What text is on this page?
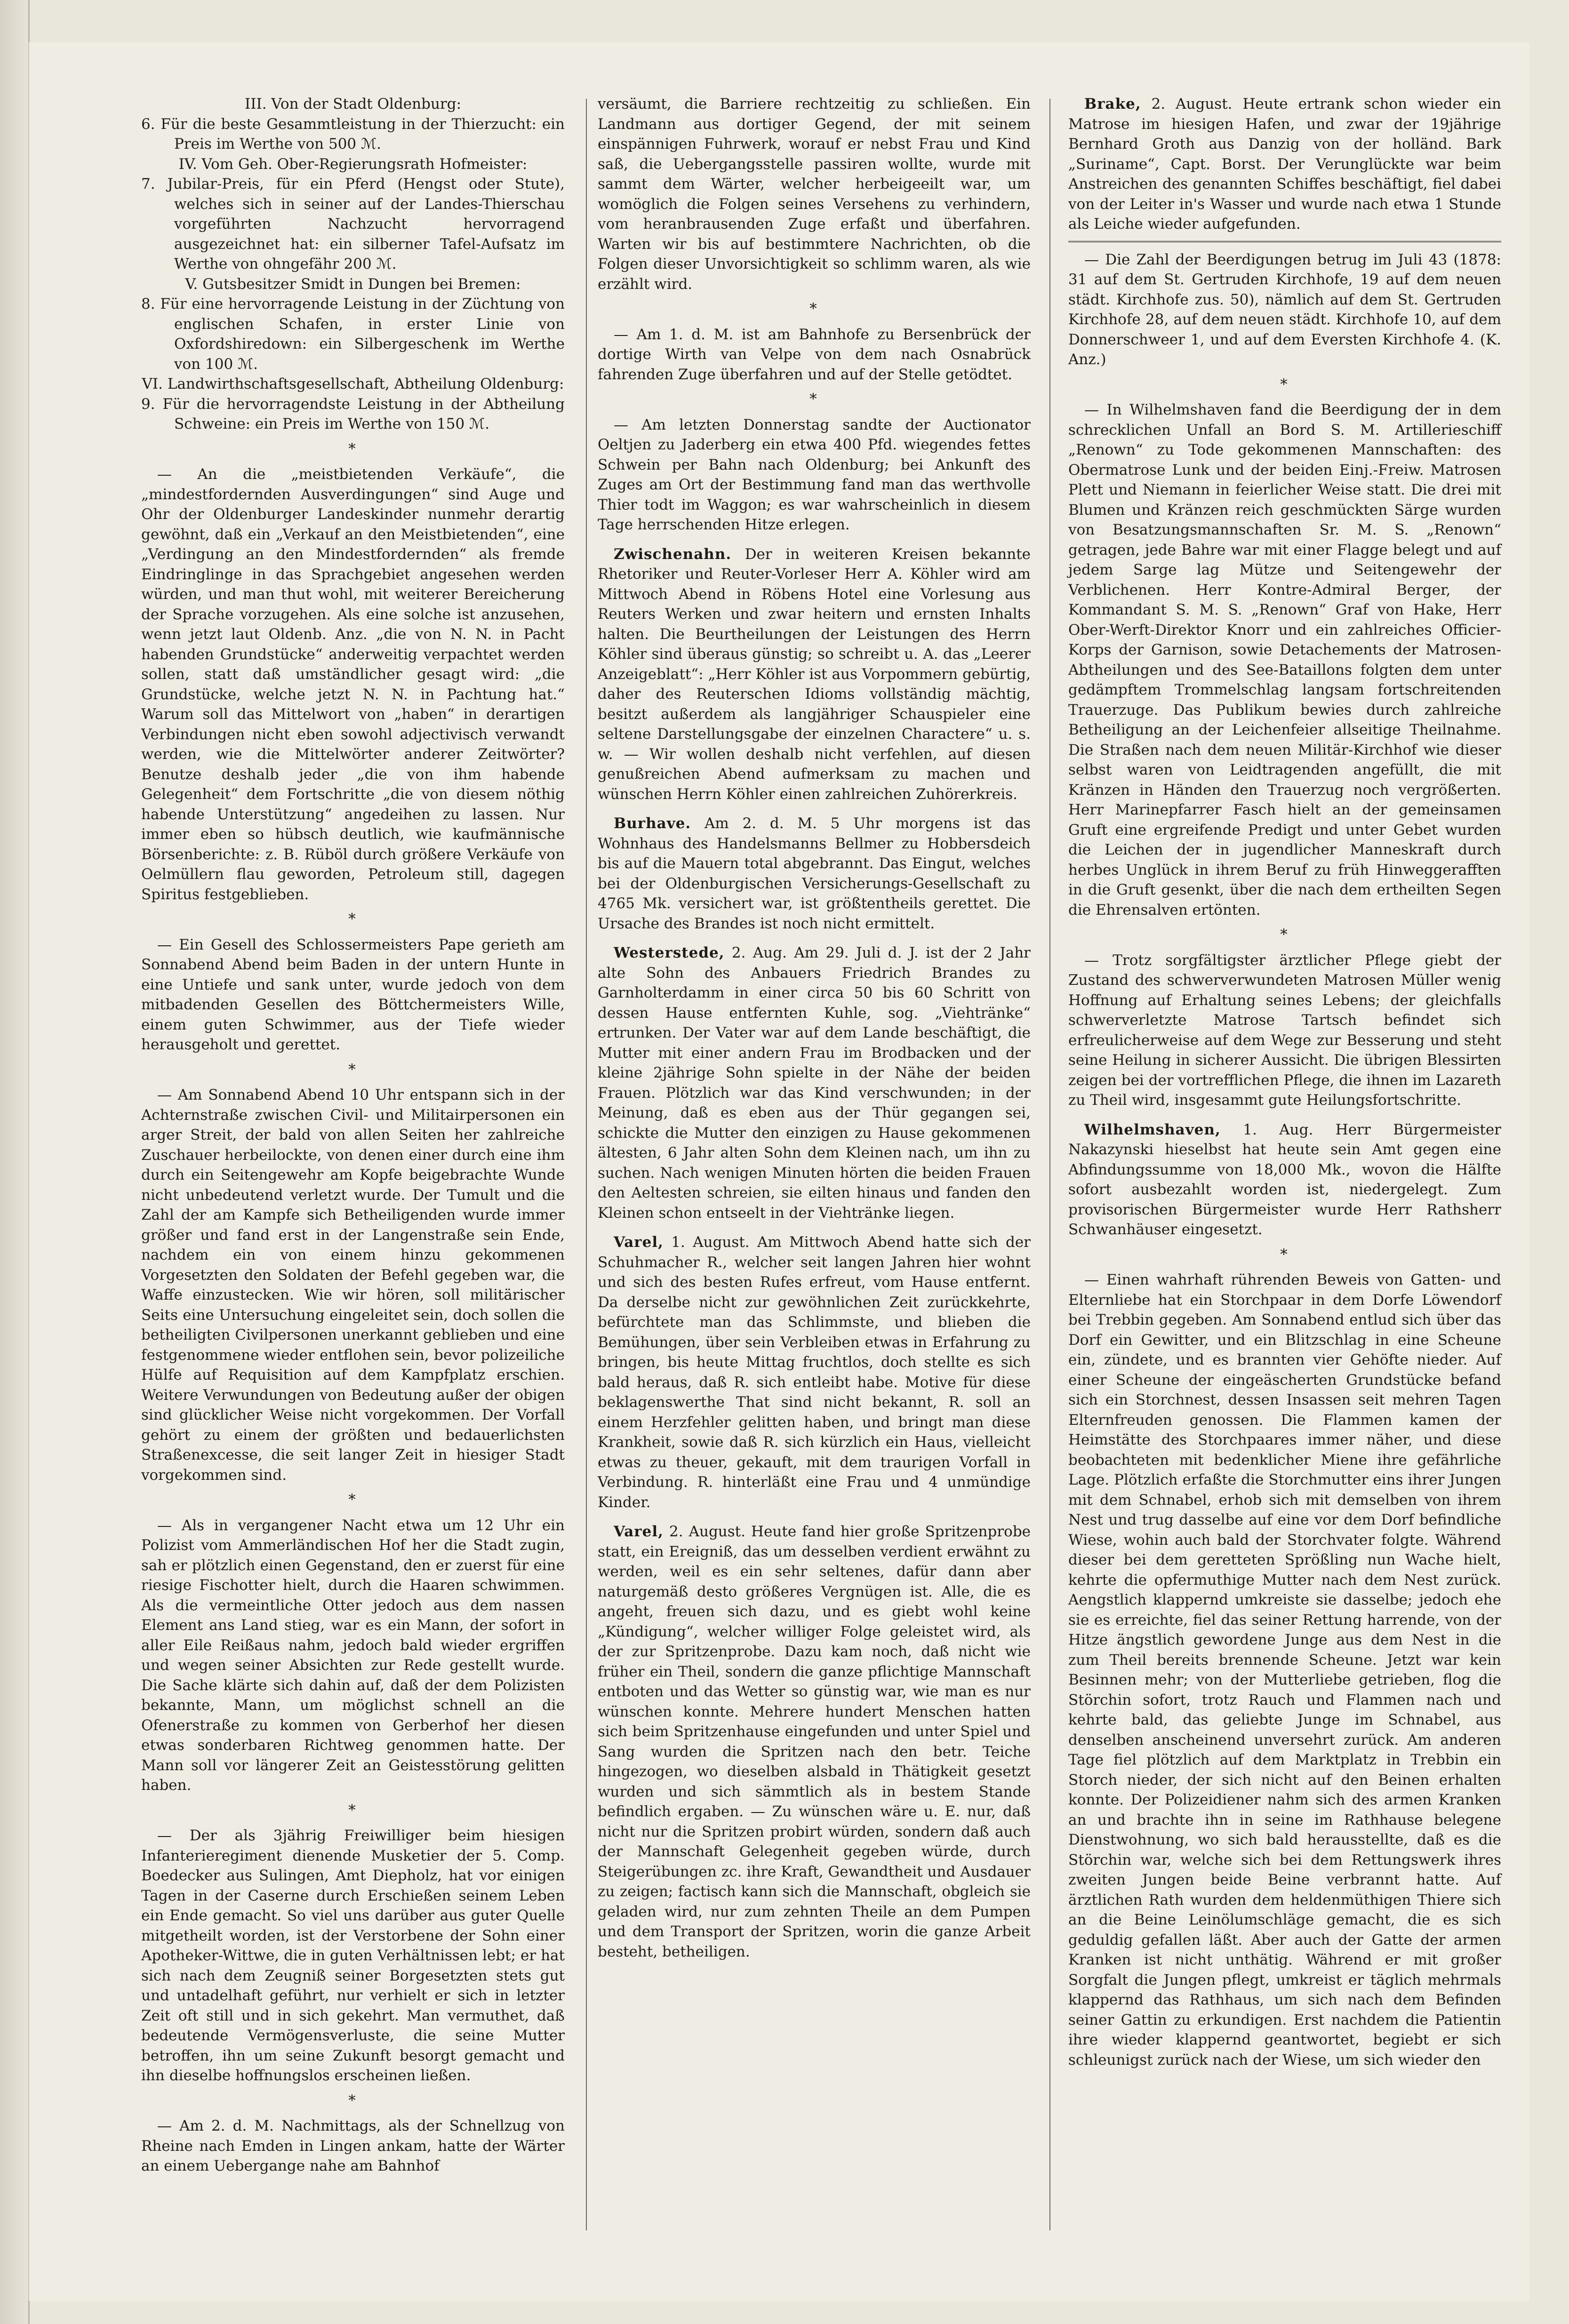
III. Von der Stadt Oldenburg:

6. Für die beste Gesammtleistung in der Thierzucht: ein Preis im Werthe von 500 ℳ.

IV. Vom Geh. Ober-Regierungsrath Hofmeister:

7. Jubilar-Preis, für ein Pferd (Hengst oder Stute), welches sich in seiner auf der Landes-Thierschau vorgeführten Nachzucht hervorragend ausgezeichnet hat: ein silberner Tafel-Aufsatz im Werthe von ohngefähr 200 ℳ.

V. Gutsbesitzer Smidt in Dungen bei Bremen:

8. Für eine hervorragende Leistung in der Züchtung von englischen Schafen, in erster Linie von Oxfordshiredown: ein Silbergeschenk im Werthe von 100 ℳ.

VI. Landwirthschaftsgesellschaft, Abtheilung Oldenburg:

9. Für die hervorragendste Leistung in der Abtheilung Schweine: ein Preis im Werthe von 150 ℳ.

*

— An die „meistbietenden Verkäufe“, die „mindestfordernden Ausverdingungen“ sind Auge und Ohr der Oldenburger Landeskinder nunmehr derartig gewöhnt, daß ein „Verkauf an den Meistbietenden“, eine „Verdingung an den Mindestfordernden“ als fremde Eindringlinge in das Sprachgebiet angesehen werden würden, und man thut wohl, mit weiterer Bereicherung der Sprache vorzugehen. Als eine solche ist anzusehen, wenn jetzt laut Oldenb. Anz. „die von N. N. in Pacht habenden Grundstücke“ anderweitig verpachtet werden sollen, statt daß umständlicher gesagt wird: „die Grundstücke, welche jetzt N. N. in Pachtung hat.“ Warum soll das Mittelwort von „haben“ in derartigen Verbindungen nicht eben sowohl adjectivisch verwandt werden, wie die Mittelwörter anderer Zeitwörter? Benutze deshalb jeder „die von ihm habende Gelegenheit“ dem Fortschritte „die von diesem nöthig habende Unterstützung“ angedeihen zu lassen. Nur immer eben so hübsch deutlich, wie kaufmännische Börsenberichte: z. B. Rüböl durch größere Verkäufe von Oelmüllern flau geworden, Petroleum still, dagegen Spiritus festgeblieben.

*

— Ein Gesell des Schlossermeisters Pape gerieth am Sonnabend Abend beim Baden in der untern Hunte in eine Untiefe und sank unter, wurde jedoch von dem mitbadenden Gesellen des Böttchermeisters Wille, einem guten Schwimmer, aus der Tiefe wieder herausgeholt und gerettet.

*

— Am Sonnabend Abend 10 Uhr entspann sich in der Achternstraße zwischen Civil- und Militairpersonen ein arger Streit, der bald von allen Seiten her zahlreiche Zuschauer herbeilockte, von denen einer durch eine ihm durch ein Seitengewehr am Kopfe beigebrachte Wunde nicht unbedeutend verletzt wurde. Der Tumult und die Zahl der am Kampfe sich Betheiligenden wurde immer größer und fand erst in der Langenstraße sein Ende, nachdem ein von einem hinzu gekommenen Vorgesetzten den Soldaten der Befehl gegeben war, die Waffe einzustecken. Wie wir hören, soll militärischer Seits eine Untersuchung eingeleitet sein, doch sollen die betheiligten Civilpersonen unerkannt geblieben und eine festgenommene wieder entflohen sein, bevor polizeiliche Hülfe auf Requisition auf dem Kampfplatz erschien. Weitere Verwundungen von Bedeutung außer der obigen sind glücklicher Weise nicht vorgekommen. Der Vorfall gehört zu einem der größten und bedauerlichsten Straßenexcesse, die seit langer Zeit in hiesiger Stadt vorgekommen sind.

*

— Als in vergangener Nacht etwa um 12 Uhr ein Polizist vom Ammerländischen Hof her die Stadt zugin, sah er plötzlich einen Gegenstand, den er zuerst für eine riesige Fischotter hielt, durch die Haaren schwimmen. Als die vermeintliche Otter jedoch aus dem nassen Element ans Land stieg, war es ein Mann, der sofort in aller Eile Reißaus nahm, jedoch bald wieder ergriffen und wegen seiner Absichten zur Rede gestellt wurde. Die Sache klärte sich dahin auf, daß der dem Polizisten bekannte, Mann, um möglichst schnell an die Ofenerstraße zu kommen von Gerberhof her diesen etwas sonderbaren Richtweg genommen hatte. Der Mann soll vor längerer Zeit an Geistesstörung gelitten haben.

*

— Der als 3jährig Freiwilliger beim hiesigen Infanterieregiment dienende Musketier der 5. Comp. Boedecker aus Sulingen, Amt Diepholz, hat vor einigen Tagen in der Caserne durch Erschießen seinem Leben ein Ende gemacht. So viel uns darüber aus guter Quelle mitgetheilt worden, ist der Verstorbene der Sohn einer Apotheker-Wittwe, die in guten Verhältnissen lebt; er hat sich nach dem Zeugniß seiner Borgesetzten stets gut und untadelhaft geführt, nur verhielt er sich in letzter Zeit oft still und in sich gekehrt. Man vermuthet, daß bedeutende Vermögensverluste, die seine Mutter betroffen, ihn um seine Zukunft besorgt gemacht und ihn dieselbe hoffnungslos erscheinen ließen.

*

— Am 2. d. M. Nachmittags, als der Schnellzug von Rheine nach Emden in Lingen ankam, hatte der Wärter an einem Uebergange nahe am Bahnhof

versäumt, die Barriere rechtzeitig zu schließen. Ein Landmann aus dortiger Gegend, der mit seinem einspännigen Fuhrwerk, worauf er nebst Frau und Kind saß, die Uebergangsstelle passiren wollte, wurde mit sammt dem Wärter, welcher herbeigeeilt war, um womöglich die Folgen seines Versehens zu verhindern, vom heranbrausenden Zuge erfaßt und überfahren. Warten wir bis auf bestimmtere Nachrichten, ob die Folgen dieser Unvorsichtigkeit so schlimm waren, als wie erzählt wird.

*

— Am 1. d. M. ist am Bahnhofe zu Bersenbrück der dortige Wirth van Velpe von dem nach Osnabrück fahrenden Zuge überfahren und auf der Stelle getödtet.

*

— Am letzten Donnerstag sandte der Auctionator Oeltjen zu Jaderberg ein etwa 400 Pfd. wiegendes fettes Schwein per Bahn nach Oldenburg; bei Ankunft des Zuges am Ort der Bestimmung fand man das werthvolle Thier todt im Waggon; es war wahrscheinlich in diesem Tage herrschenden Hitze erlegen.

Zwischenahn. Der in weiteren Kreisen bekannte Rhetoriker und Reuter-Vorleser Herr A. Köhler wird am Mittwoch Abend in Röbens Hotel eine Vorlesung aus Reuters Werken und zwar heitern und ernsten Inhalts halten. Die Beurtheilungen der Leistungen des Herrn Köhler sind überaus günstig; so schreibt u. A. das „Leerer Anzeigeblatt“: „Herr Köhler ist aus Vorpommern gebürtig, daher des Reuterschen Idioms vollständig mächtig, besitzt außerdem als langjähriger Schauspieler eine seltene Darstellungsgabe der einzelnen Charactere“ u. s. w. — Wir wollen deshalb nicht verfehlen, auf diesen genußreichen Abend aufmerksam zu machen und wünschen Herrn Köhler einen zahlreichen Zuhörerkreis.

Burhave. Am 2. d. M. 5 Uhr morgens ist das Wohnhaus des Handelsmanns Bellmer zu Hobbersdeich bis auf die Mauern total abgebrannt. Das Eingut, welches bei der Oldenburgischen Versicherungs-Gesellschaft zu 4765 Mk. versichert war, ist größtentheils gerettet. Die Ursache des Brandes ist noch nicht ermittelt.

Westerstede, 2. Aug. Am 29. Juli d. J. ist der 2 Jahr alte Sohn des Anbauers Friedrich Brandes zu Garnholterdamm in einer circa 50 bis 60 Schritt von dessen Hause entfernten Kuhle, sog. „Viehtränke“ ertrunken. Der Vater war auf dem Lande beschäftigt, die Mutter mit einer andern Frau im Brodbacken und der kleine 2jährige Sohn spielte in der Nähe der beiden Frauen. Plötzlich war das Kind verschwunden; in der Meinung, daß es eben aus der Thür gegangen sei, schickte die Mutter den einzigen zu Hause gekommenen ältesten, 6 Jahr alten Sohn dem Kleinen nach, um ihn zu suchen. Nach wenigen Minuten hörten die beiden Frauen den Aeltesten schreien, sie eilten hinaus und fanden den Kleinen schon entseelt in der Viehtränke liegen.

Varel, 1. August. Am Mittwoch Abend hatte sich der Schuhmacher R., welcher seit langen Jahren hier wohnt und sich des besten Rufes erfreut, vom Hause entfernt. Da derselbe nicht zur gewöhnlichen Zeit zurückkehrte, befürchtete man das Schlimmste, und blieben die Bemühungen, über sein Verbleiben etwas in Erfahrung zu bringen, bis heute Mittag fruchtlos, doch stellte es sich bald heraus, daß R. sich entleibt habe. Motive für diese beklagenswerthe That sind nicht bekannt, R. soll an einem Herzfehler gelitten haben, und bringt man diese Krankheit, sowie daß R. sich kürzlich ein Haus, vielleicht etwas zu theuer, gekauft, mit dem traurigen Vorfall in Verbindung. R. hinterläßt eine Frau und 4 unmündige Kinder.

Varel, 2. August. Heute fand hier große Spritzenprobe statt, ein Ereigniß, das um desselben verdient erwähnt zu werden, weil es ein sehr seltenes, dafür dann aber naturgemäß desto größeres Vergnügen ist. Alle, die es angeht, freuen sich dazu, und es giebt wohl keine „Kündigung“, welcher williger Folge geleistet wird, als der zur Spritzenprobe. Dazu kam noch, daß nicht wie früher ein Theil, sondern die ganze pflichtige Mannschaft entboten und das Wetter so günstig war, wie man es nur wünschen konnte. Mehrere hundert Menschen hatten sich beim Spritzenhause eingefunden und unter Spiel und Sang wurden die Spritzen nach den betr. Teiche hingezogen, wo dieselben alsbald in Thätigkeit gesetzt wurden und sich sämmtlich als in bestem Stande befindlich ergaben. — Zu wünschen wäre u. E. nur, daß nicht nur die Spritzen probirt würden, sondern daß auch der Mannschaft Gelegenheit gegeben würde, durch Steigerübungen zc. ihre Kraft, Gewandtheit und Ausdauer zu zeigen; factisch kann sich die Mannschaft, obgleich sie geladen wird, nur zum zehnten Theile an dem Pumpen und dem Transport der Spritzen, worin die ganze Arbeit besteht, betheiligen.

Brake, 2. August. Heute ertrank schon wieder ein Matrose im hiesigen Hafen, und zwar der 19jährige Bernhard Groth aus Danzig von der holländ. Bark „Suriname“, Capt. Borst. Der Verunglückte war beim Anstreichen des genannten Schiffes beschäftigt, fiel dabei von der Leiter in's Wasser und wurde nach etwa 1 Stunde als Leiche wieder aufgefunden.

— Die Zahl der Beerdigungen betrug im Juli 43 (1878: 31 auf dem St. Gertruden Kirchhofe, 19 auf dem neuen städt. Kirchhofe zus. 50), nämlich auf dem St. Gertruden Kirchhofe 28, auf dem neuen städt. Kirchhofe 10, auf dem Donnerschweer 1, und auf dem Eversten Kirchhofe 4. (K. Anz.)

*

— In Wilhelmshaven fand die Beerdigung der in dem schrecklichen Unfall an Bord S. M. Artillerieschiff „Renown“ zu Tode gekommenen Mannschaften: des Obermatrose Lunk und der beiden Einj.-Freiw. Matrosen Plett und Niemann in feierlicher Weise statt. Die drei mit Blumen und Kränzen reich geschmückten Särge wurden von Besatzungsmannschaften Sr. M. S. „Renown“ getragen, jede Bahre war mit einer Flagge belegt und auf jedem Sarge lag Mütze und Seitengewehr der Verblichenen. Herr Kontre-Admiral Berger, der Kommandant S. M. S. „Renown“ Graf von Hake, Herr Ober-Werft-Direktor Knorr und ein zahlreiches Officier-Korps der Garnison, sowie Detachements der Matrosen-Abtheilungen und des See-Bataillons folgten dem unter gedämpftem Trommelschlag langsam fortschreitenden Trauerzuge. Das Publikum bewies durch zahlreiche Betheiligung an der Leichenfeier allseitige Theilnahme. Die Straßen nach dem neuen Militär-Kirchhof wie dieser selbst waren von Leidtragenden angefüllt, die mit Kränzen in Händen den Trauerzug noch vergrößerten. Herr Marinepfarrer Fasch hielt an der gemeinsamen Gruft eine ergreifende Predigt und unter Gebet wurden die Leichen der in jugendlicher Manneskraft durch herbes Unglück in ihrem Beruf zu früh Hinweggerafften in die Gruft gesenkt, über die nach dem ertheilten Segen die Ehrensalven ertönten.

*

— Trotz sorgfältigster ärztlicher Pflege giebt der Zustand des schwerverwundeten Matrosen Müller wenig Hoffnung auf Erhaltung seines Lebens; der gleichfalls schwerverletzte Matrose Tartsch befindet sich erfreulicherweise auf dem Wege zur Besserung und steht seine Heilung in sicherer Aussicht. Die übrigen Blessirten zeigen bei der vortrefflichen Pflege, die ihnen im Lazareth zu Theil wird, insgesammt gute Heilungsfortschritte.

Wilhelmshaven, 1. Aug. Herr Bürgermeister Nakazynski hieselbst hat heute sein Amt gegen eine Abfindungssumme von 18,000 Mk., wovon die Hälfte sofort ausbezahlt worden ist, niedergelegt. Zum provisorischen Bürgermeister wurde Herr Rathsherr Schwanhäuser eingesetzt.

*

— Einen wahrhaft rührenden Beweis von Gatten- und Elternliebe hat ein Storchpaar in dem Dorfe Löwendorf bei Trebbin gegeben. Am Sonnabend entlud sich über das Dorf ein Gewitter, und ein Blitzschlag in eine Scheune ein, zündete, und es brannten vier Gehöfte nieder. Auf einer Scheune der eingeäscherten Grundstücke befand sich ein Storchnest, dessen Insassen seit mehren Tagen Elternfreuden genossen. Die Flammen kamen der Heimstätte des Storchpaares immer näher, und diese beobachteten mit bedenklicher Miene ihre gefährliche Lage. Plötzlich erfaßte die Storchmutter eins ihrer Jungen mit dem Schnabel, erhob sich mit demselben von ihrem Nest und trug dasselbe auf eine vor dem Dorf befindliche Wiese, wohin auch bald der Storchvater folgte. Während dieser bei dem geretteten Sprößling nun Wache hielt, kehrte die opfermuthige Mutter nach dem Nest zurück. Aengstlich klappernd umkreiste sie dasselbe; jedoch ehe sie es erreichte, fiel das seiner Rettung harrende, von der Hitze ängstlich gewordene Junge aus dem Nest in die zum Theil bereits brennende Scheune. Jetzt war kein Besinnen mehr; von der Mutterliebe getrieben, flog die Störchin sofort, trotz Rauch und Flammen nach und kehrte bald, das geliebte Junge im Schnabel, aus denselben anscheinend unversehrt zurück. Am anderen Tage fiel plötzlich auf dem Marktplatz in Trebbin ein Storch nieder, der sich nicht auf den Beinen erhalten konnte. Der Polizeidiener nahm sich des armen Kranken an und brachte ihn in seine im Rathhause belegene Dienstwohnung, wo sich bald herausstellte, daß es die Störchin war, welche sich bei dem Rettungswerk ihres zweiten Jungen beide Beine verbrannt hatte. Auf ärztlichen Rath wurden dem heldenmüthigen Thiere sich an die Beine Leinölumschläge gemacht, die es sich geduldig gefallen läßt. Aber auch der Gatte der armen Kranken ist nicht unthätig. Während er mit großer Sorgfalt die Jungen pflegt, umkreist er täglich mehrmals klappernd das Rathhaus, um sich nach dem Befinden seiner Gattin zu erkundigen. Erst nachdem die Patientin ihre wieder klappernd geantwortet, begiebt er sich schleunigst zurück nach der Wiese, um sich wieder den
